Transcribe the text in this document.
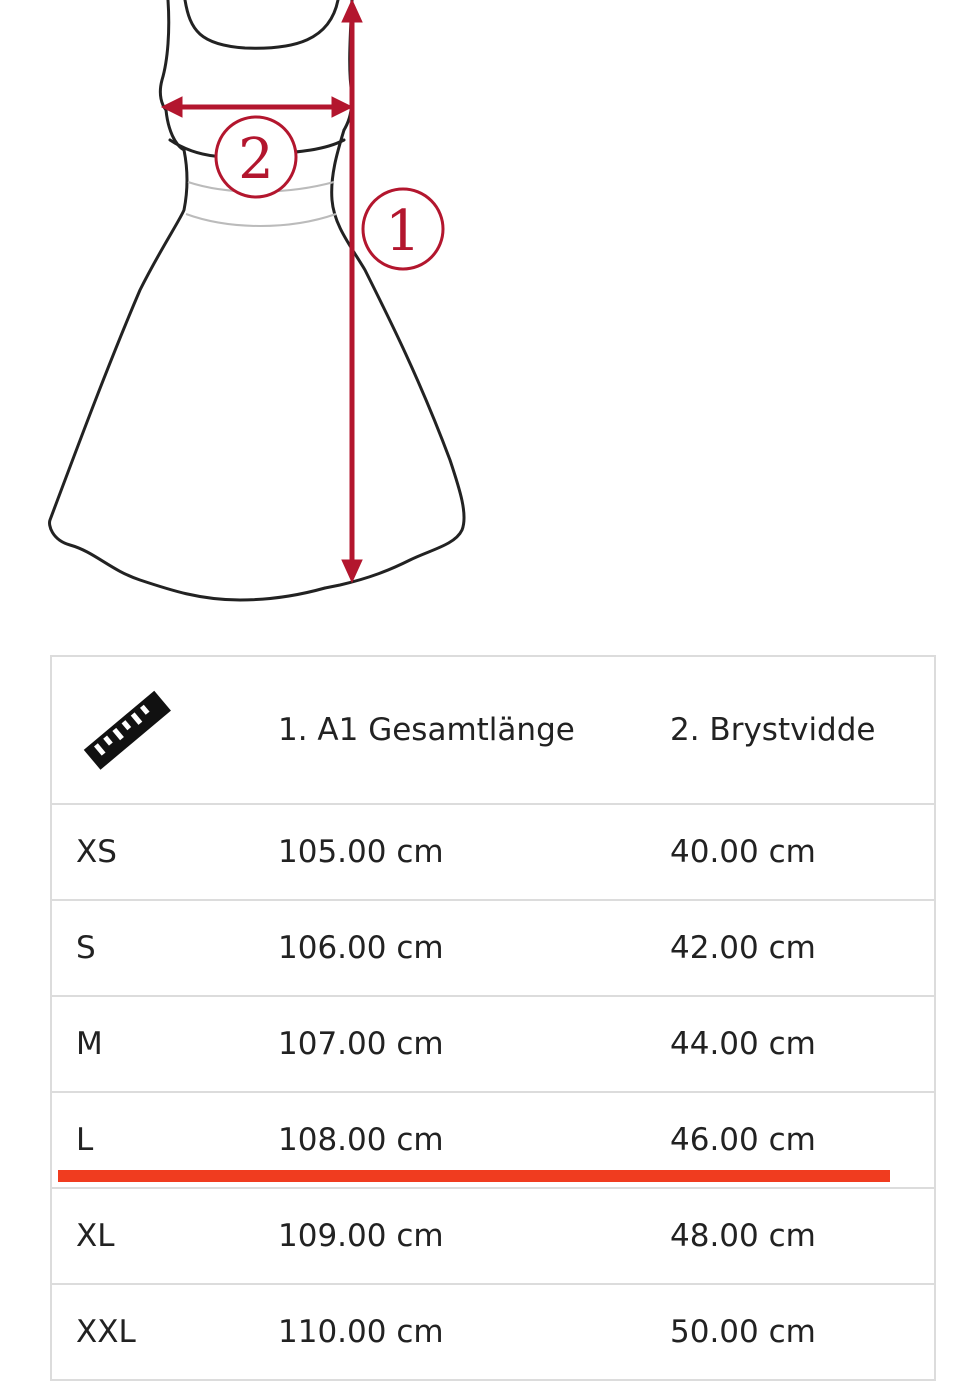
2
1
	1. A1 Gesamtlänge	2. Brystvidde
XS	105.00 cm	40.00 cm
S	106.00 cm	42.00 cm
M	107.00 cm	44.00 cm
L	108.00 cm	46.00 cm
XL	109.00 cm	48.00 cm
XXL	110.00 cm	50.00 cm
